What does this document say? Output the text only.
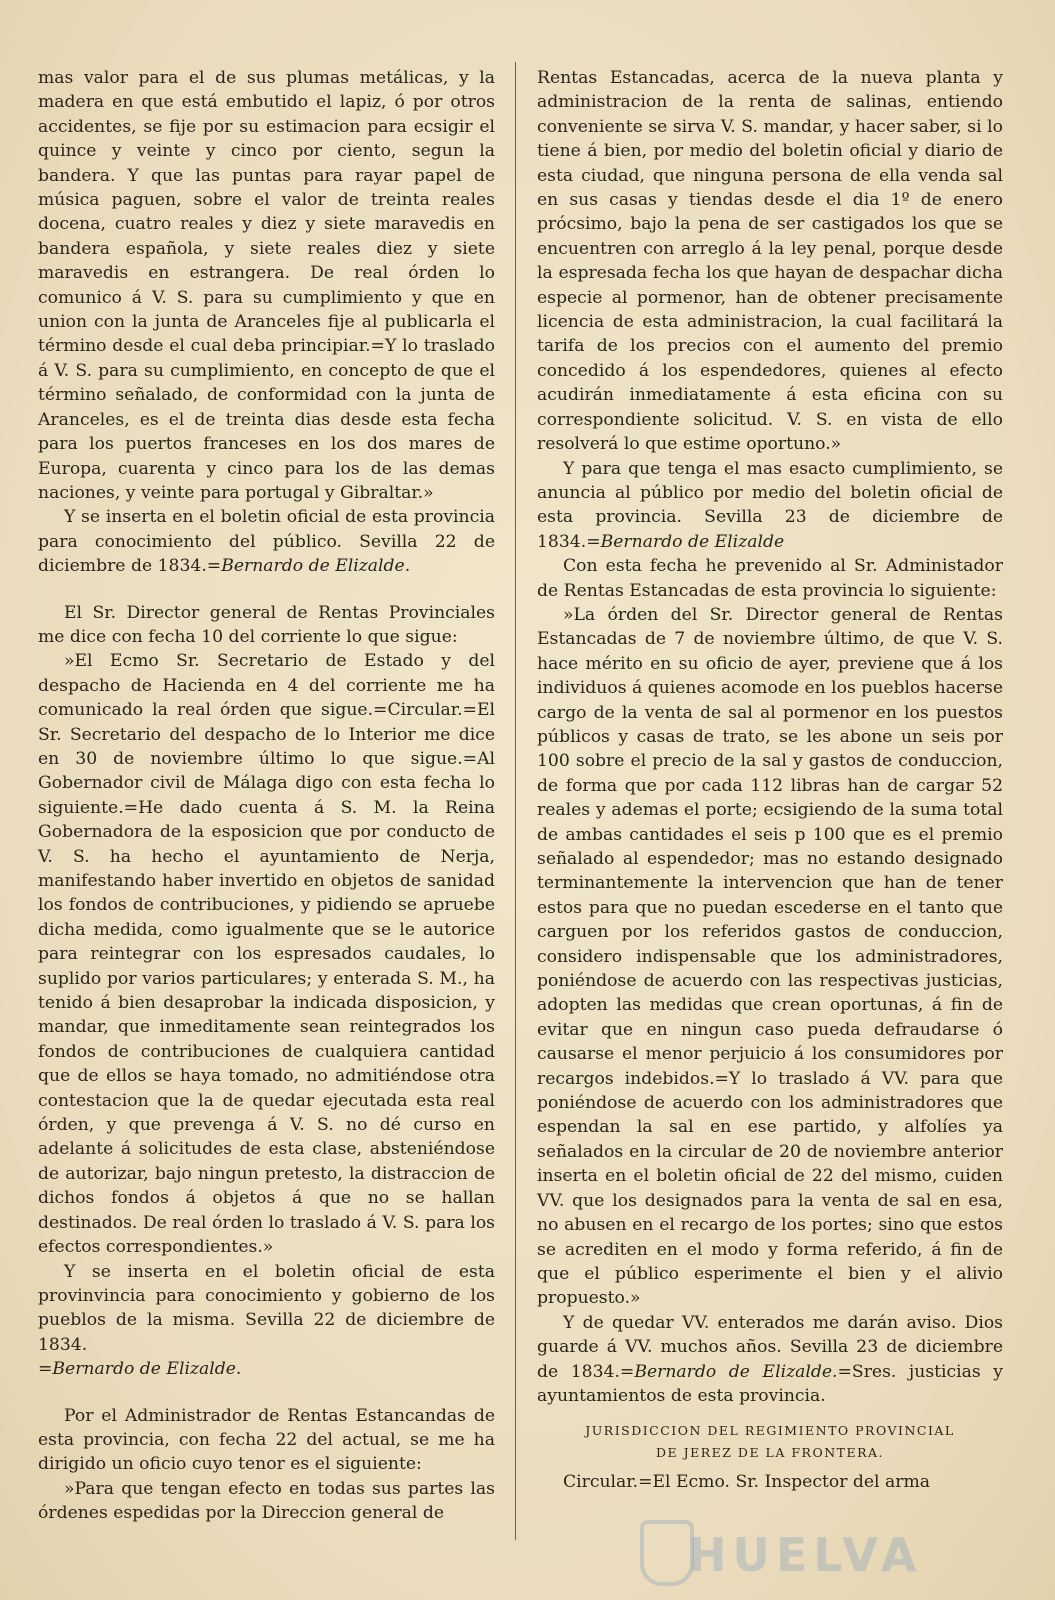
mas valor para el de sus plumas metálicas, y la madera en que está embutido el lapiz, ó por otros accidentes, se fije por su estimacion para ecsigir el quince y veinte y cinco por ciento, segun la bandera. Y que las puntas para rayar papel de música paguen, sobre el valor de treinta reales docena, cuatro reales y diez y siete maravedis en bandera española, y siete reales diez y siete maravedis en estrangera. De real órden lo comunico á V. S. para su cumplimiento y que en union con la junta de Aranceles fije al publicarla el término desde el cual deba principiar.=Y lo traslado á V. S. para su cumplimiento, en concepto de que el término señalado, de conformidad con la junta de Aranceles, es el de treinta dias desde esta fecha para los puertos franceses en los dos mares de Europa, cuarenta y cinco para los de las demas naciones, y veinte para portugal y Gibraltar.»

Y se inserta en el boletin oficial de esta provincia para conocimiento del público. Sevilla 22 de diciembre de 1834.=Bernardo de Elizalde.

El Sr. Director general de Rentas Provinciales me dice con fecha 10 del corriente lo que sigue:

»El Ecmo Sr. Secretario de Estado y del despacho de Hacienda en 4 del corriente me ha comunicado la real órden que sigue.=Circular.=El Sr. Secretario del despacho de lo Interior me dice en 30 de noviembre último lo que sigue.=Al Gobernador civil de Málaga digo con esta fecha lo siguiente.=He dado cuenta á S. M. la Reina Gobernadora de la esposicion que por conducto de V. S. ha hecho el ayuntamiento de Nerja, manifestando haber invertido en objetos de sanidad los fondos de contribuciones, y pidiendo se apruebe dicha medida, como igualmente que se le autorice para reintegrar con los espresados caudales, lo suplido por varios particulares; y enterada S. M., ha tenido á bien desaprobar la indicada disposicion, y mandar, que inmeditamente sean reintegrados los fondos de contribuciones de cualquiera cantidad que de ellos se haya tomado, no admitiéndose otra contestacion que la de quedar ejecutada esta real órden, y que prevenga á V. S. no dé curso en adelante á solicitudes de esta clase, absteniéndose de autorizar, bajo ningun pretesto, la distraccion de dichos fondos á objetos á que no se hallan destinados. De real órden lo traslado á V. S. para los efectos correspondientes.»

Y se inserta en el boletin oficial de esta provinvincia para conocimiento y gobierno de los pueblos de la misma. Sevilla 22 de diciembre de 1834.

=Bernardo de Elizalde.

Por el Administrador de Rentas Estancandas de esta provincia, con fecha 22 del actual, se me ha dirigido un oficio cuyo tenor es el siguiente:

»Para que tengan efecto en todas sus partes las órdenes espedidas por la Direccion general de

Rentas Estancadas, acerca de la nueva planta y administracion de la renta de salinas, entiendo conveniente se sirva V. S. mandar, y hacer saber, si lo tiene á bien, por medio del boletin oficial y diario de esta ciudad, que ninguna persona de ella venda sal en sus casas y tiendas desde el dia 1º de enero prócsimo, bajo la pena de ser castigados los que se encuentren con arreglo á la ley penal, porque desde la espresada fecha los que hayan de despachar dicha especie al pormenor, han de obtener precisamente licencia de esta administracion, la cual facilitará la tarifa de los precios con el aumento del premio concedido á los espendedores, quienes al efecto acudirán inmediatamente á esta eficina con su correspondiente solicitud. V. S. en vista de ello resolverá lo que estime oportuno.»

Y para que tenga el mas esacto cumplimiento, se anuncia al público por medio del boletin oficial de esta provincia. Sevilla 23 de diciembre de 1834.=Bernardo de Elizalde

Con esta fecha he prevenido al Sr. Administador de Rentas Estancadas de esta provincia lo siguiente:

»La órden del Sr. Director general de Rentas Estancadas de 7 de noviembre último, de que V. S. hace mérito en su oficio de ayer, previene que á los individuos á quienes acomode en los pueblos hacerse cargo de la venta de sal al pormenor en los puestos públicos y casas de trato, se les abone un seis por 100 sobre el precio de la sal y gastos de conduccion, de forma que por cada 112 libras han de cargar 52 reales y ademas el porte; ecsigiendo de la suma total de ambas cantidades el seis p 100 que es el premio señalado al espendedor; mas no estando designado terminantemente la intervencion que han de tener estos para que no puedan escederse en el tanto que carguen por los referidos gastos de conduccion, considero indispensable que los administradores, poniéndose de acuerdo con las respectivas justicias, adopten las medidas que crean oportunas, á fin de evitar que en ningun caso pueda defraudarse ó causarse el menor perjuicio á los consumidores por recargos indebidos.=Y lo traslado á VV. para que poniéndose de acuerdo con los administradores que espendan la sal en ese partido, y alfolíes ya señalados en la circular de 20 de noviembre anterior inserta en el boletin oficial de 22 del mismo, cuiden VV. que los designados para la venta de sal en esa, no abusen en el recargo de los portes; sino que estos se acrediten en el modo y forma referido, á fin de que el público esperimente el bien y el alivio propuesto.»

Y de quedar VV. enterados me darán aviso. Dios guarde á VV. muchos años. Sevilla 23 de diciembre de 1834.=Bernardo de Elizalde.=Sres. justicias y ayuntamientos de esta provincia.

JURISDICCION DEL REGIMIENTO PROVINCIAL
DE JEREZ DE LA FRONTERA.

Circular.=El Ecmo. Sr. Inspector del arma

HUELVA
